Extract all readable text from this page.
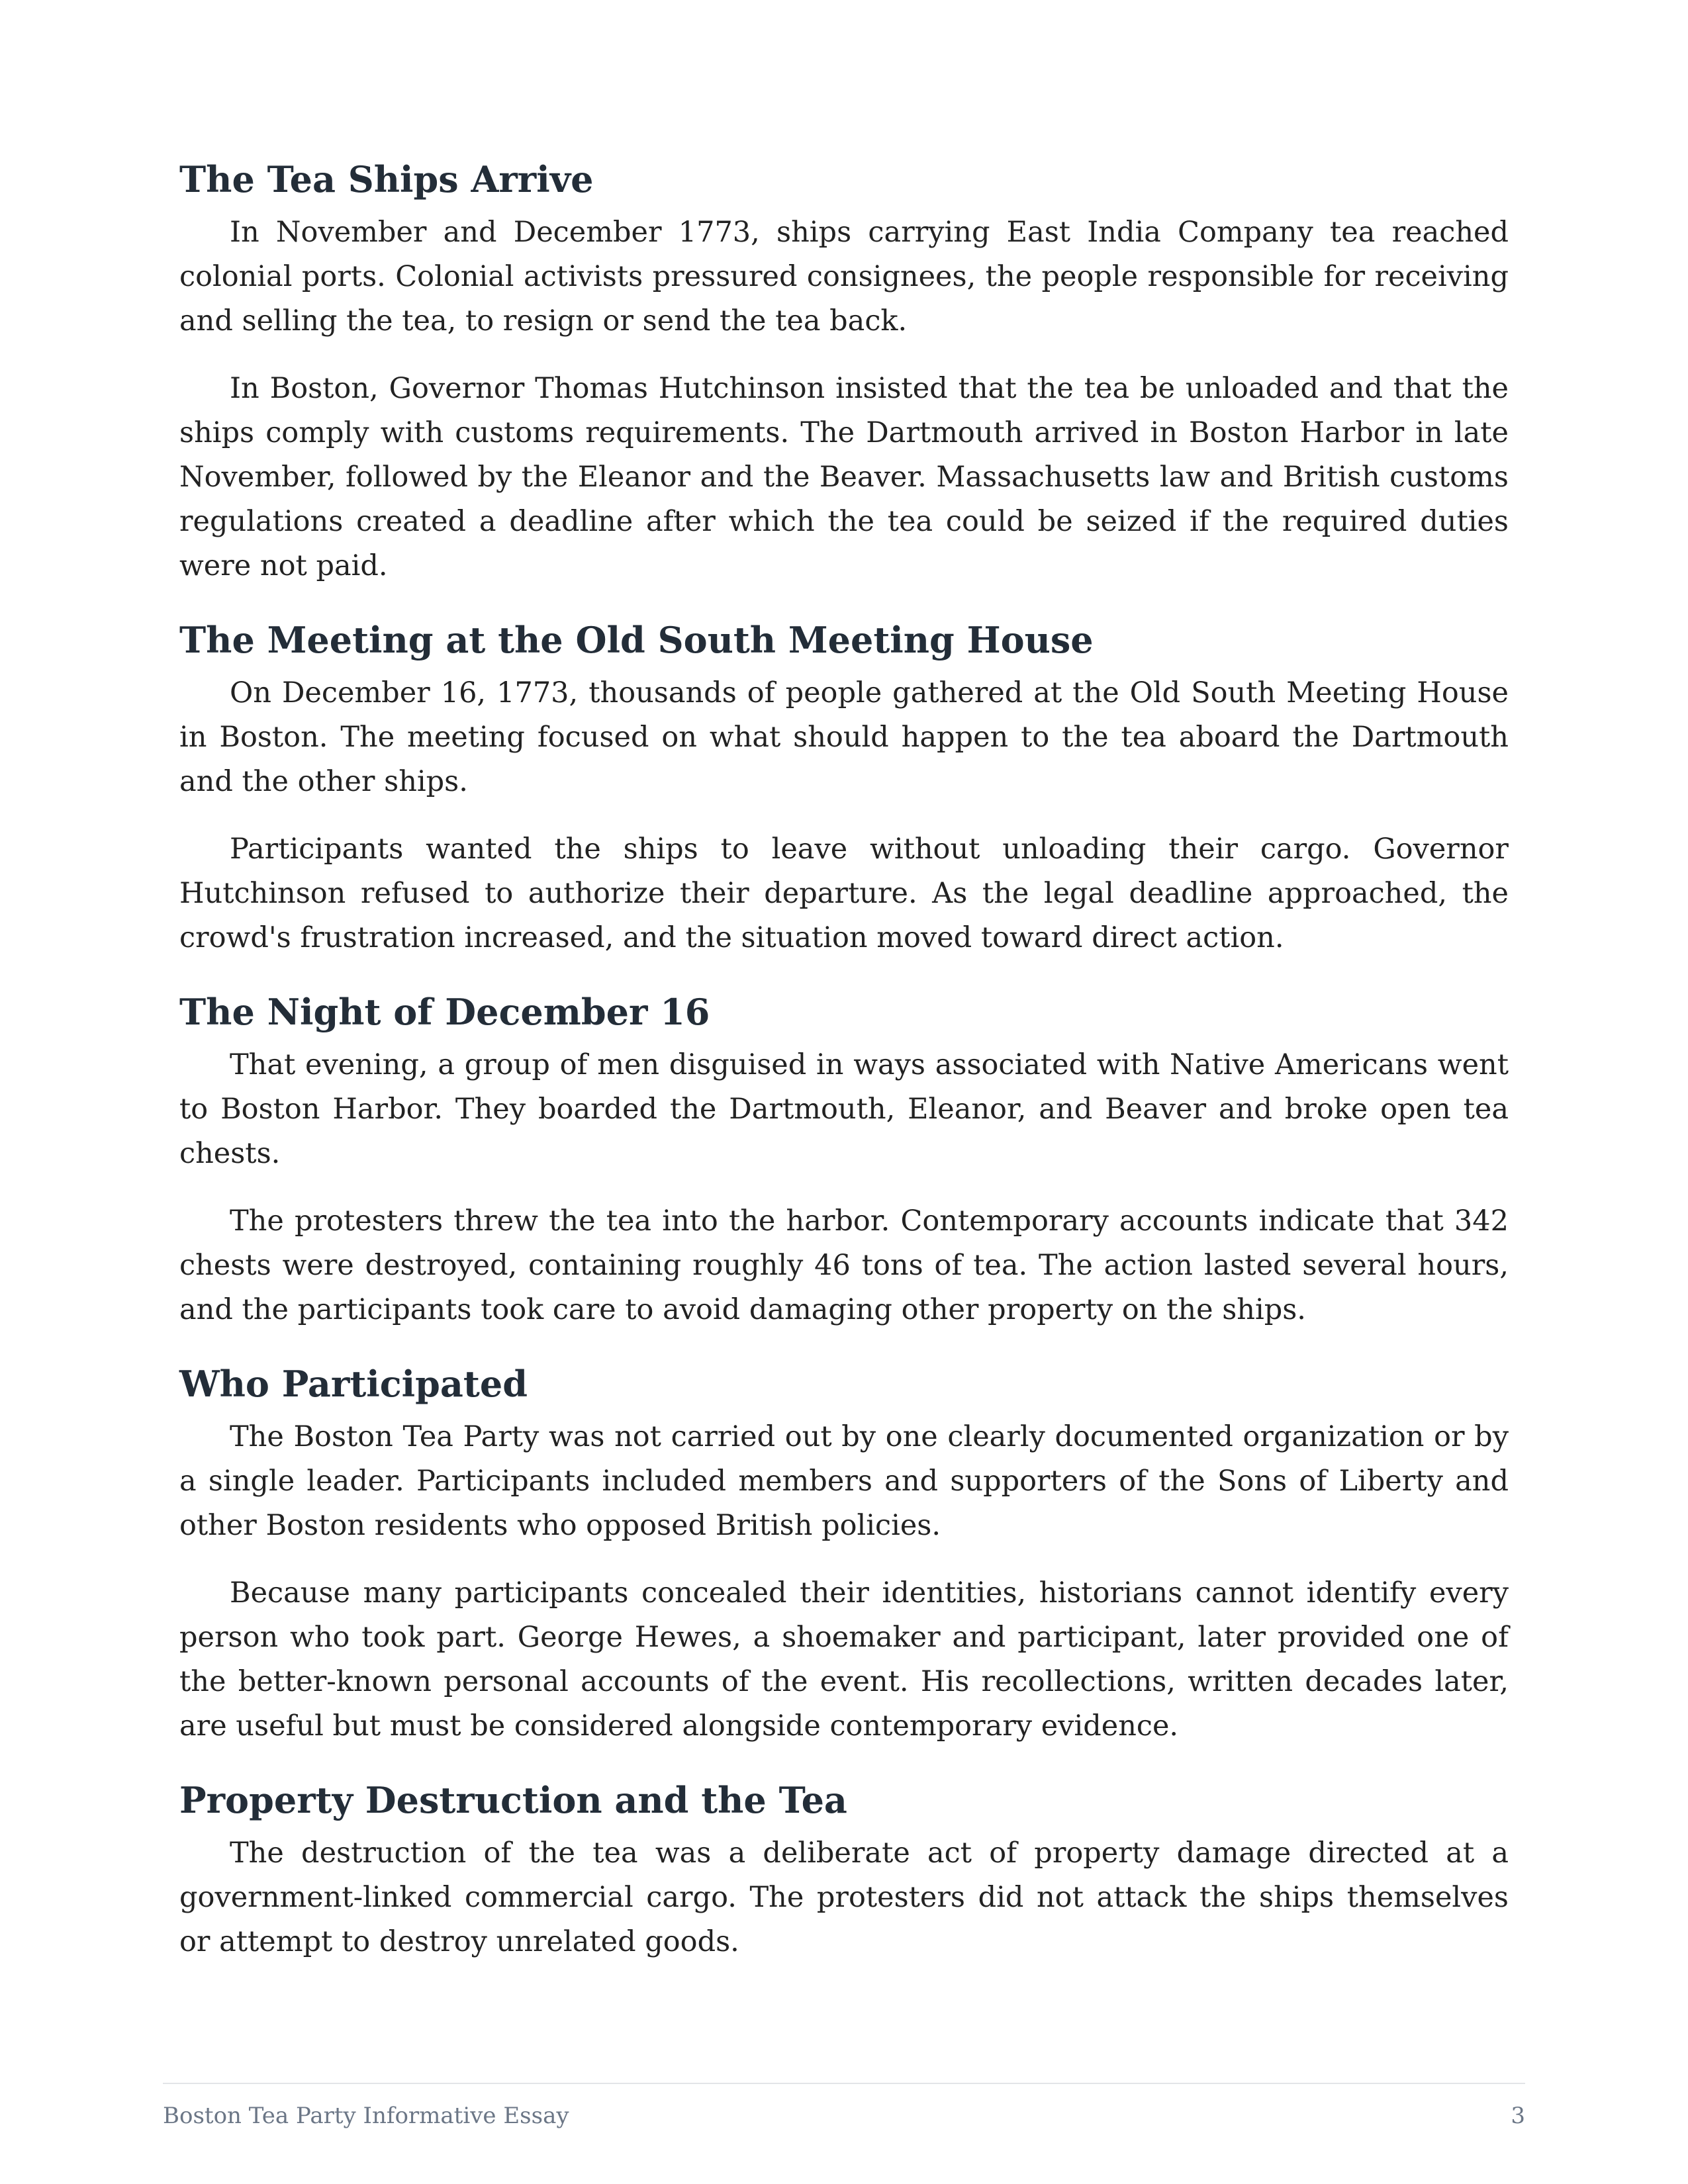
The Tea Ships Arrive

In November and December 1773, ships carrying East India Company tea reached colonial ports. Colonial activists pressured consignees, the people responsible for receiving and selling the tea, to resign or send the tea back.

In Boston, Governor Thomas Hutchinson insisted that the tea be unloaded and that the ships comply with customs requirements. The Dartmouth arrived in Boston Harbor in late November, followed by the Eleanor and the Beaver. Massachusetts law and British customs regulations created a deadline after which the tea could be seized if the required duties were not paid.

The Meeting at the Old South Meeting House

On December 16, 1773, thousands of people gathered at the Old South Meeting House in Boston. The meeting focused on what should happen to the tea aboard the Dartmouth and the other ships.

Participants wanted the ships to leave without unloading their cargo. Governor Hutchinson refused to authorize their departure. As the legal deadline approached, the crowd's frustration increased, and the situation moved toward direct action.

The Night of December 16

That evening, a group of men disguised in ways associated with Native Americans went to Boston Harbor. They boarded the Dartmouth, Eleanor, and Beaver and broke open tea chests.

The protesters threw the tea into the harbor. Contemporary accounts indicate that 342 chests were destroyed, containing roughly 46 tons of tea. The action lasted several hours, and the participants took care to avoid damaging other property on the ships.

Who Participated

The Boston Tea Party was not carried out by one clearly documented organization or by a single leader. Participants included members and supporters of the Sons of Liberty and other Boston residents who opposed British policies.

Because many participants concealed their identities, historians cannot identify every person who took part. George Hewes, a shoemaker and participant, later provided one of the better-known personal accounts of the event. His recollections, written decades later, are useful but must be considered alongside contemporary evidence.

Property Destruction and the Tea

The destruction of the tea was a deliberate act of property damage directed at a government-linked commercial cargo. The protesters did not attack the ships themselves or attempt to destroy unrelated goods.

Boston Tea Party Informative Essay	3
